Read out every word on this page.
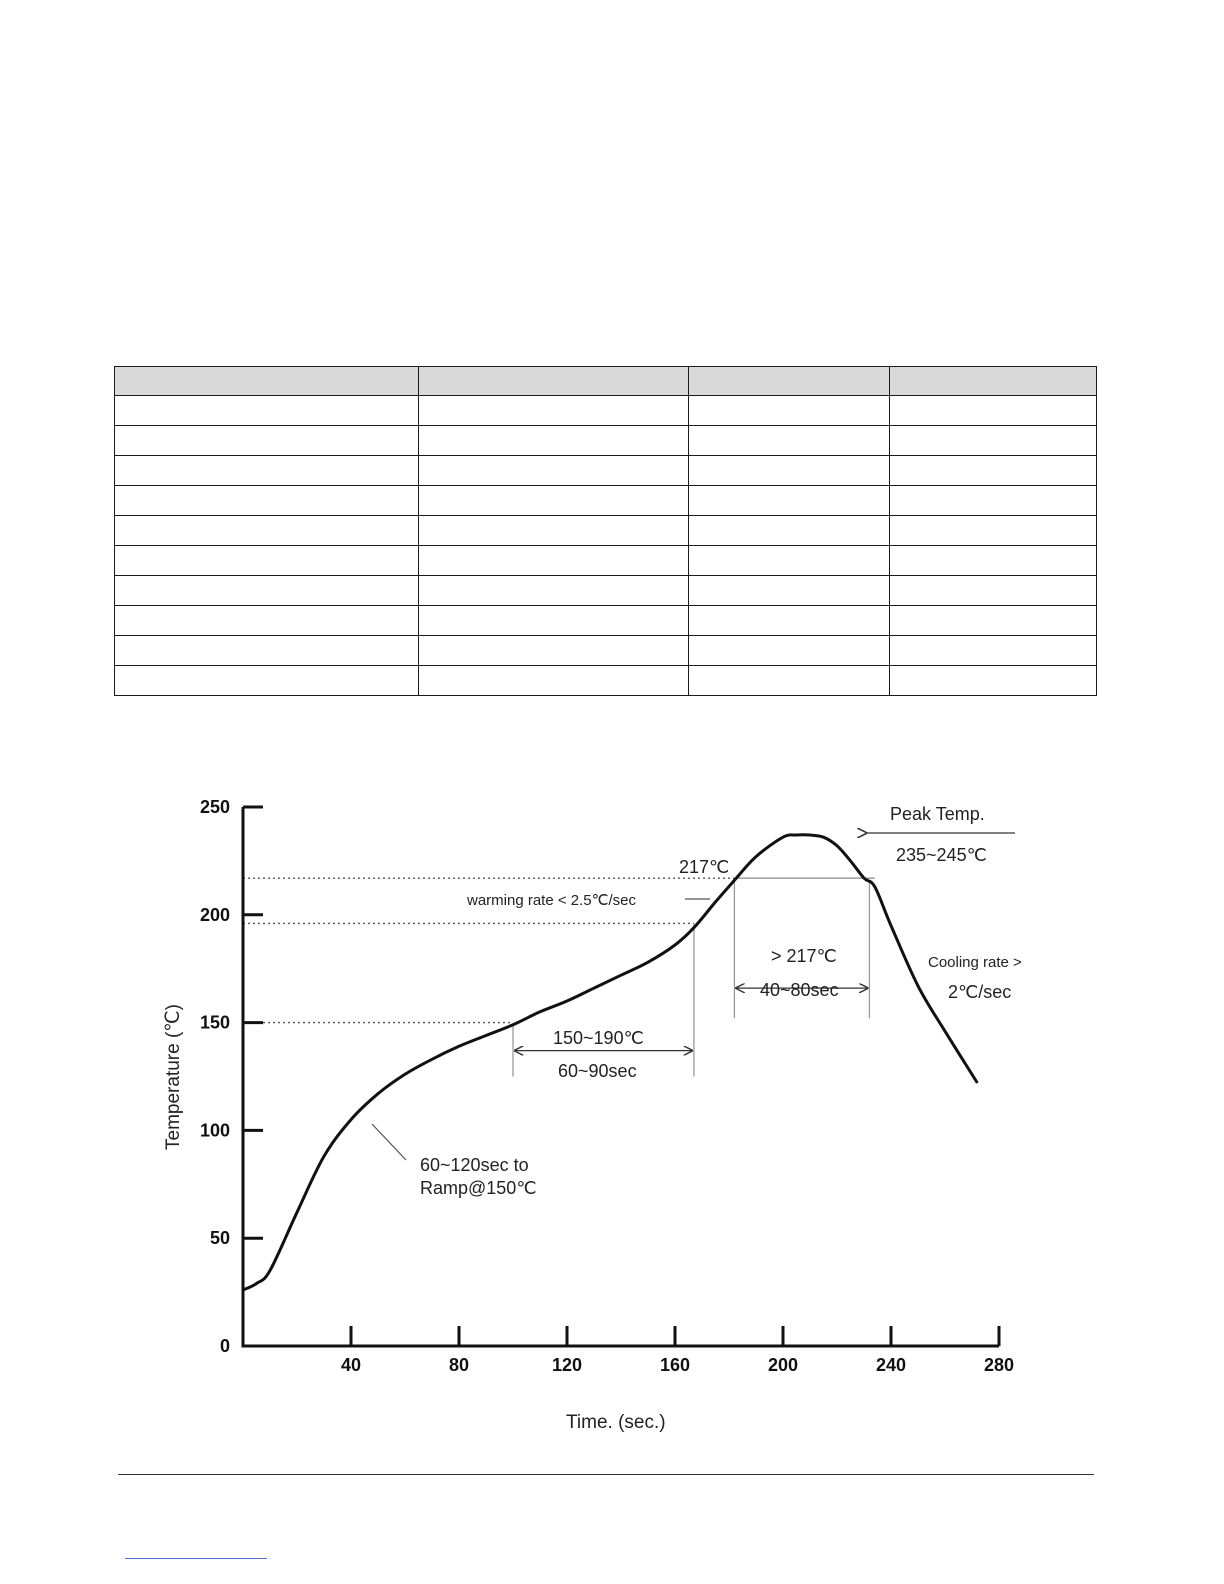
0
50
100
150
200
250
40	80	120	160	200	240	280
Peak Temp.
235~245℃
217℃
warming rate < 2.5℃/sec
> 217℃
40~80sec
Cooling rate >
2℃/sec
150~190℃
60~90sec
60~120sec to
Ramp@150℃
Time. (sec.)
Temperature (℃)
